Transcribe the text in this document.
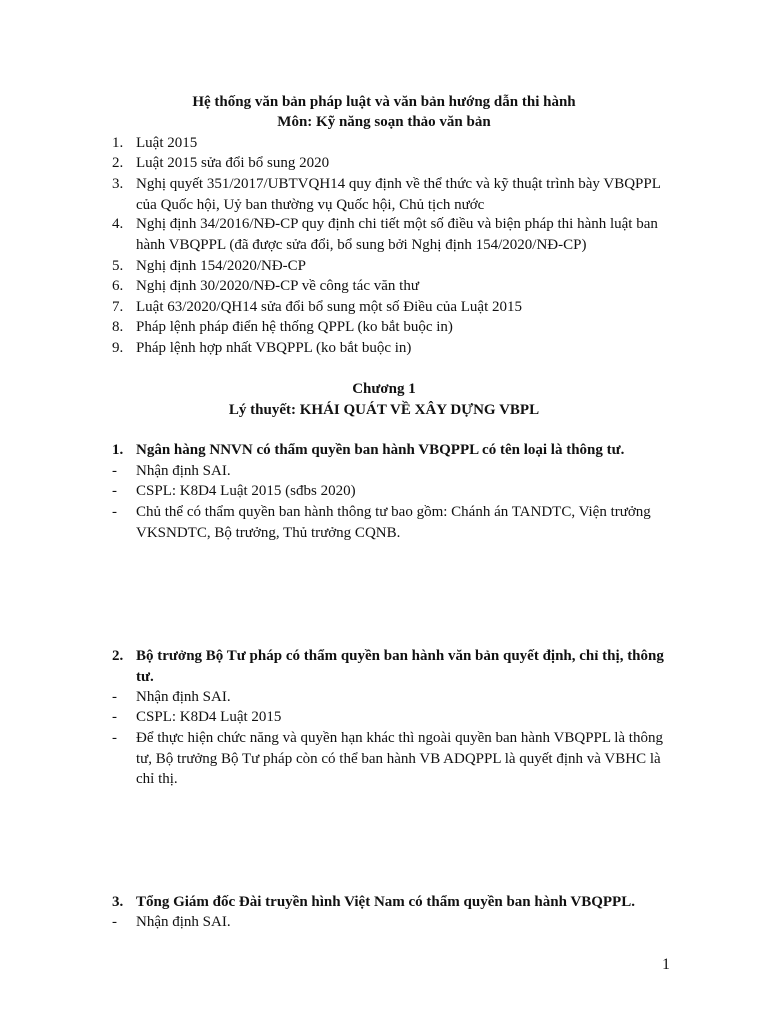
Hệ thống văn bản pháp luật và văn bản hướng dẫn thi hành
Môn: Kỹ năng soạn thảo văn bản
1. Luật 2015
2. Luật 2015 sửa đổi bổ sung 2020
3. Nghị quyết 351/2017/UBTVQH14 quy định về thể thức và kỹ thuật trình bày VBQPPL của Quốc hội, Uỷ ban thường vụ Quốc hội, Chủ tịch nước
4. Nghị định 34/2016/NĐ-CP quy định chi tiết một số điều và biện pháp thi hành luật ban hành VBQPPL (đã được sửa đổi, bổ sung bởi Nghị định 154/2020/NĐ-CP)
5. Nghị định 154/2020/NĐ-CP
6. Nghị định 30/2020/NĐ-CP về công tác văn thư
7. Luật 63/2020/QH14 sửa đổi bổ sung một số Điều của Luật 2015
8. Pháp lệnh pháp điển hệ thống QPPL (ko bắt buộc in)
9. Pháp lệnh hợp nhất VBQPPL (ko bắt buộc in)
Chương 1
Lý thuyết: KHÁI QUÁT VỀ XÂY DỰNG VBPL
1. Ngân hàng NNVN có thẩm quyền ban hành VBQPPL có tên loại là thông tư.
-	Nhận định SAI.
-	CSPL: K8D4 Luật 2015 (sđbs 2020)
-	Chủ thể có thẩm quyền ban hành thông tư bao gồm: Chánh án TANDTC, Viện trưởng VKSNDTC, Bộ trưởng, Thủ trưởng CQNB.
2. Bộ trưởng Bộ Tư pháp có thẩm quyền ban hành văn bản quyết định, chỉ thị, thông tư.
-	Nhận định SAI.
-	CSPL: K8D4 Luật 2015
-	Để thực hiện chức năng và quyền hạn khác thì ngoài quyền ban hành VBQPPL là thông tư, Bộ trưởng Bộ Tư pháp còn có thể ban hành VB ADQPPL là quyết định và VBHC là chỉ thị.
3. Tổng Giám đốc Đài truyền hình Việt Nam có thẩm quyền ban hành VBQPPL.
-	Nhận định SAI.
1
